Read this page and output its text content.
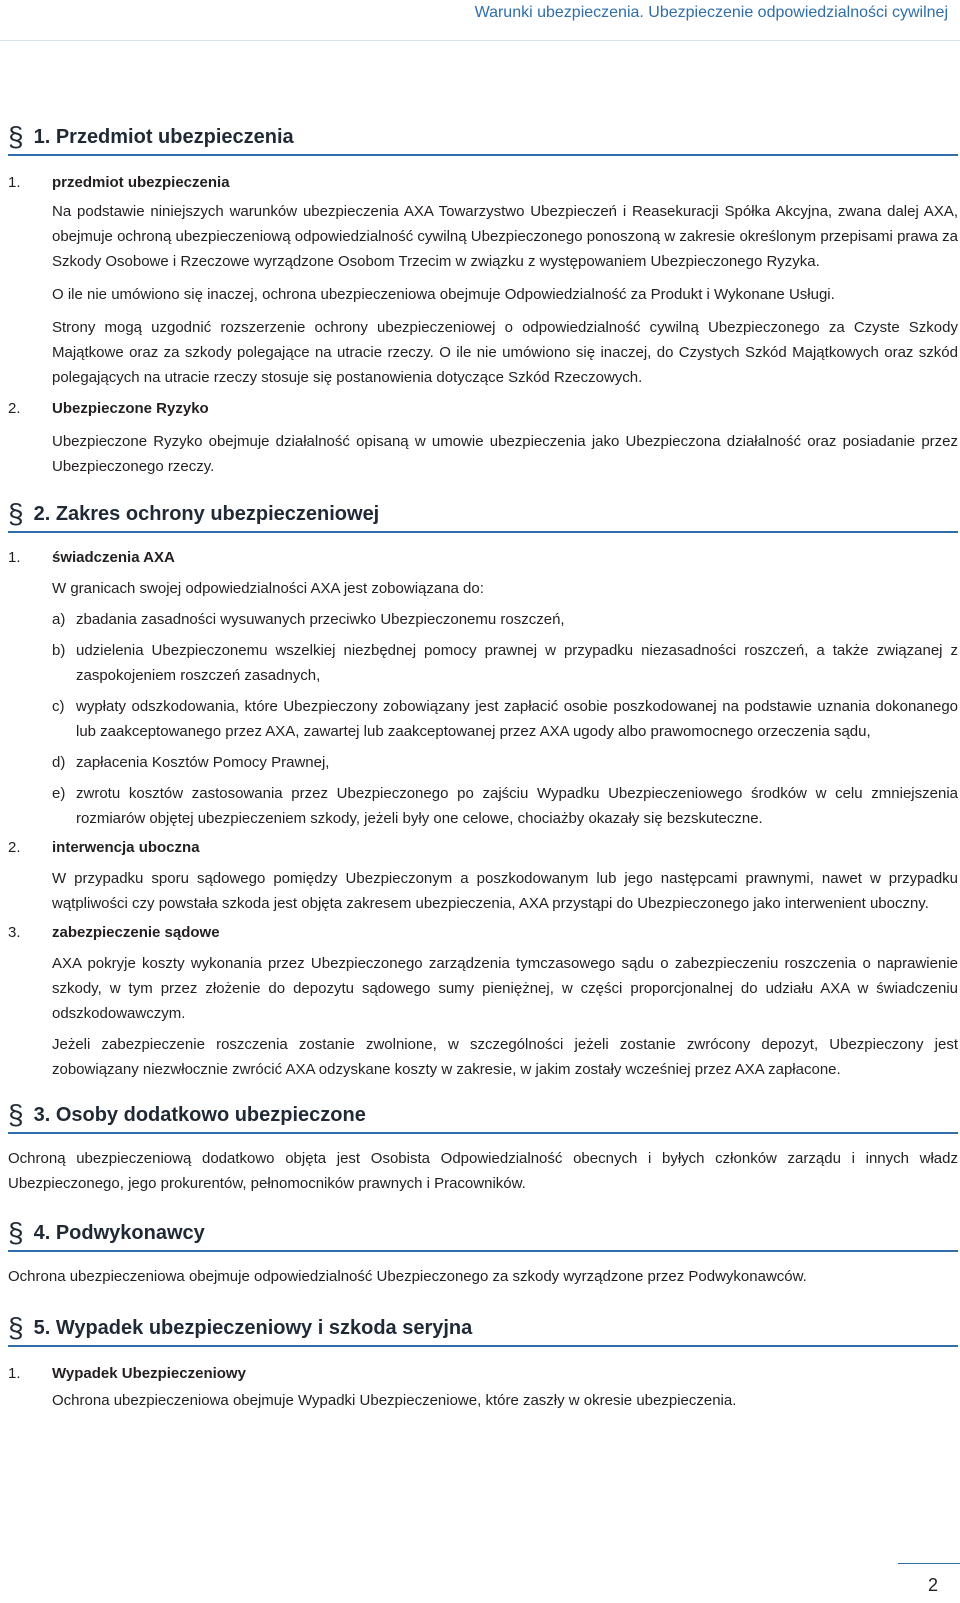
Warunki ubezpieczenia. Ubezpieczenie odpowiedzialności cywilnej
§ 1. Przedmiot ubezpieczenia
1.	przedmiot ubezpieczenia
Na podstawie niniejszych warunków ubezpieczenia AXA Towarzystwo Ubezpieczeń i Reasekuracji Spółka Akcyjna, zwana dalej AXA, obejmuje ochroną ubezpieczeniową odpowiedzialność cywilną Ubezpieczonego ponoszoną w zakresie określonym przepisami prawa za Szkody Osobowe i Rzeczowe wyrządzone Osobom Trzecim w związku z występowaniem Ubezpieczonego Ryzyka.
O ile nie umówiono się inaczej, ochrona ubezpieczeniowa obejmuje Odpowiedzialność za Produkt i Wykonane Usługi.
Strony mogą uzgodnić rozszerzenie ochrony ubezpieczeniowej o odpowiedzialność cywilną Ubezpieczonego za Czyste Szkody Majątkowe oraz za szkody polegające na utracie rzeczy. O ile nie umówiono się inaczej, do Czystych Szkód Majątkowych oraz szkód polegających na utracie rzeczy stosuje się postanowienia dotyczące Szkód Rzeczowych.
2.	Ubezpieczone Ryzyko
Ubezpieczone Ryzyko obejmuje działalność opisaną w umowie ubezpieczenia jako Ubezpieczona działalność oraz posiadanie przez Ubezpieczonego rzeczy.
§ 2. Zakres ochrony ubezpieczeniowej
1.	świadczenia AXA
W granicach swojej odpowiedzialności AXA jest zobowiązana do:
a) zbadania zasadności wysuwanych przeciwko Ubezpieczonemu roszczeń,
b) udzielenia Ubezpieczonemu wszelkiej niezbędnej pomocy prawnej w przypadku niezasadności roszczeń, a także związanej z zaspokojeniem roszczeń zasadnych,
c) wypłaty odszkodowania, które Ubezpieczony zobowiązany jest zapłacić osobie poszkodowanej na podstawie uznania dokonanego lub zaakceptowanego przez AXA, zawartej lub zaakceptowanej przez AXA ugody albo prawomocnego orzeczenia sądu,
d) zapłacenia Kosztów Pomocy Prawnej,
e) zwrotu kosztów zastosowania przez Ubezpieczonego po zajściu Wypadku Ubezpieczeniowego środków w celu zmniejszenia rozmiarów objętej ubezpieczeniem szkody, jeżeli były one celowe, chociażby okazały się bezskuteczne.
2.	interwencja uboczna
W przypadku sporu sądowego pomiędzy Ubezpieczonym a poszkodowanym lub jego następcami prawnymi, nawet w przypadku wątpliwości czy powstała szkoda jest objęta zakresem ubezpieczenia, AXA przystąpi do Ubezpieczonego jako interwenient uboczny.
3.	zabezpieczenie sądowe
AXA pokryje koszty wykonania przez Ubezpieczonego zarządzenia tymczasowego sądu o zabezpieczeniu roszczenia o naprawienie szkody, w tym przez złożenie do depozytu sądowego sumy pieniężnej, w części proporcjonalnej do udziału AXA w świadczeniu odszkodowawczym.
Jeżeli zabezpieczenie roszczenia zostanie zwolnione, w szczególności jeżeli zostanie zwrócony depozyt, Ubezpieczony jest zobowiązany niezwłocznie zwrócić AXA odzyskane koszty w zakresie, w jakim zostały wcześniej przez AXA zapłacone.
§ 3. Osoby dodatkowo ubezpieczone
Ochroną ubezpieczeniową dodatkowo objęta jest Osobista Odpowiedzialność obecnych i byłych członków zarządu i innych władz Ubezpieczonego, jego prokurentów, pełnomocników prawnych i Pracowników.
§ 4. Podwykonawcy
Ochrona ubezpieczeniowa obejmuje odpowiedzialność Ubezpieczonego za szkody wyrządzone przez Podwykonawców.
§ 5. Wypadek ubezpieczeniowy i szkoda seryjna
1.	Wypadek Ubezpieczeniowy
Ochrona ubezpieczeniowa obejmuje Wypadki Ubezpieczeniowe, które zaszły w okresie ubezpieczenia.
2
